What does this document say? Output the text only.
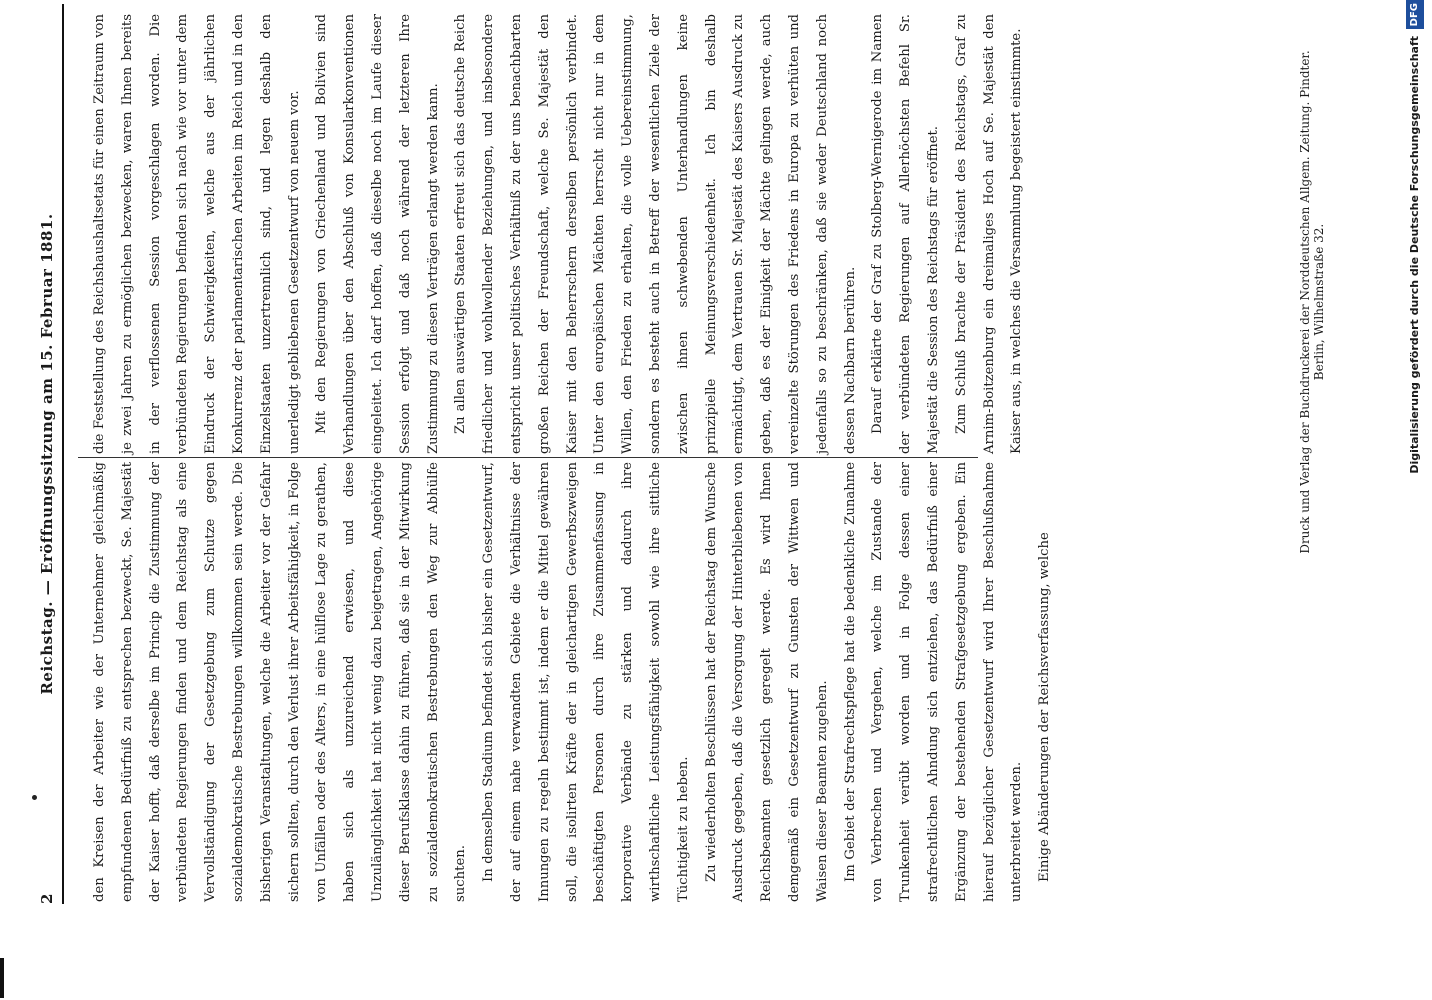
2
Reichstag. — Eröffnungssitzung am 15. Februar 1881.	den Kreisen der Arbeiter wie der Unternehmer gleichmäßig empfundenen Bedürfniß zu entsprechen bezweckt, Se. Majestät der Kaiser hofft, daß derselbe im Princip die Zustimmung der verbündeten Regierungen finden und dem Reichstag als eine Vervollständigung der Gesetzgebung zum Schutze gegen sozialdemokratische Bestrebungen willkommen sein werde. Die bisherigen Veranstaltungen, welche die Arbeiter vor der Gefahr sichern sollten, durch den Verlust ihrer Arbeitsfähigkeit, in Folge von Unfällen oder des Alters, in eine hülflose Lage zu gerathen, haben sich als unzureichend erwiesen, und diese Unzulänglichkeit hat nicht wenig dazu beigetragen, Angehörige dieser Berufsklasse dahin zu führen, daß sie in der Mitwirkung zu sozialdemokratischen Bestrebungen den Weg zur Abhülfe suchten. In demselben Stadium befindet sich bisher ein Gesetzentwurf, der auf einem nahe verwandten Gebiete die Verhältnisse der Innungen zu regeln bestimmt ist, indem er die Mittel gewähren soll, die isolirten Kräfte der in gleichartigen Gewerbszweigen beschäftigten Personen durch ihre Zusammenfassung in korporative Verbände zu stärken und dadurch ihre wirthschaftliche Leistungsfähigkeit sowohl wie ihre sittliche Tüchtigkeit zu heben. Zu wiederholten Beschlüssen hat der Reichstag dem Wunsche Ausdruck gegeben, daß die Versorgung der Hinterbliebenen von Reichsbeamten gesetzlich geregelt werde. Es wird Ihnen demgemäß ein Gesetzentwurf zu Gunsten der Wittwen und Waisen dieser Beamten zugehen. Im Gebiet der Strafrechtspflege hat die bedenkliche Zunahme von Verbrechen und Vergehen, welche im Zustande der Trunkenheit verübt worden und in Folge dessen einer strafrechtlichen Ahndung sich entziehen, das Bedürfniß einer Ergänzung der bestehenden Strafgesetzgebung ergeben. Ein hierauf bezüglicher Gesetzentwurf wird Ihrer Beschlußnahme unterbreitet werden. Einige Abänderungen der Reichsverfassung, welche

die Feststellung des Reichshaushaltsetats für einen Zeitraum von je zwei Jahren zu ermöglichen bezwecken, waren Ihnen bereits in der verflossenen Session vorgeschlagen worden. Die verbündeten Regierungen befinden sich nach wie vor unter dem Eindruck der Schwierigkeiten, welche aus der jährlichen Konkurrenz der parlamentarischen Arbeiten im Reich und in den Einzelstaaten unzertrennlich sind, und legen deshalb den unerledigt gebliebenen Gesetzentwurf von neuem vor. Mit den Regierungen von Griechenland und Bolivien sind Verhandlungen über den Abschluß von Konsularkonventionen eingeleitet. Ich darf hoffen, daß dieselbe noch im Laufe dieser Session erfolgt und daß noch während der letzteren Ihre Zustimmung zu diesen Verträgen erlangt werden kann. Zu allen auswärtigen Staaten erfreut sich das deutsche Reich friedlicher und wohlwollender Beziehungen, und insbesondere entspricht unser politisches Verhältniß zu der uns benachbarten großen Reichen der Freundschaft, welche Se. Majestät den Kaiser mit den Beherrschern derselben persönlich verbindet. Unter den europäischen Mächten herrscht nicht nur in dem Willen, den Frieden zu erhalten, die volle Uebereinstimmung, sondern es besteht auch in Betreff der wesentlichen Ziele der zwischen ihnen schwebenden Unterhandlungen keine prinzipielle Meinungsverschiedenheit. Ich bin deshalb ermächtigt, dem Vertrauen Sr. Majestät des Kaisers Ausdruck zu geben, daß es der Einigkeit der Mächte gelingen werde, auch vereinzelte Störungen des Friedens in Europa zu verhüten und jedenfalls so zu beschränken, daß sie weder Deutschland noch dessen Nachbarn berühren. Darauf erklärte der Graf zu Stolberg-Wernigerode im Namen der verbündeten Regierungen auf Allerhöchsten Befehl Sr. Majestät die Session des Reichstags für eröffnet. Zum Schluß brachte der Präsident des Reichstags, Graf zu Arnim-Boitzenburg ein dreimaliges Hoch auf Se. Majestät den Kaiser aus, in welches die Versammlung begeistert einstimmte.	Druck und Verlag der Buchdruckerei der Norddeutschen Allgem. Zeitung. Pindter. Berlin, Wilhelmstraße 32.	Digitalisierung gefördert durch die Deutsche Forschungsgemeinschaft
DFG
